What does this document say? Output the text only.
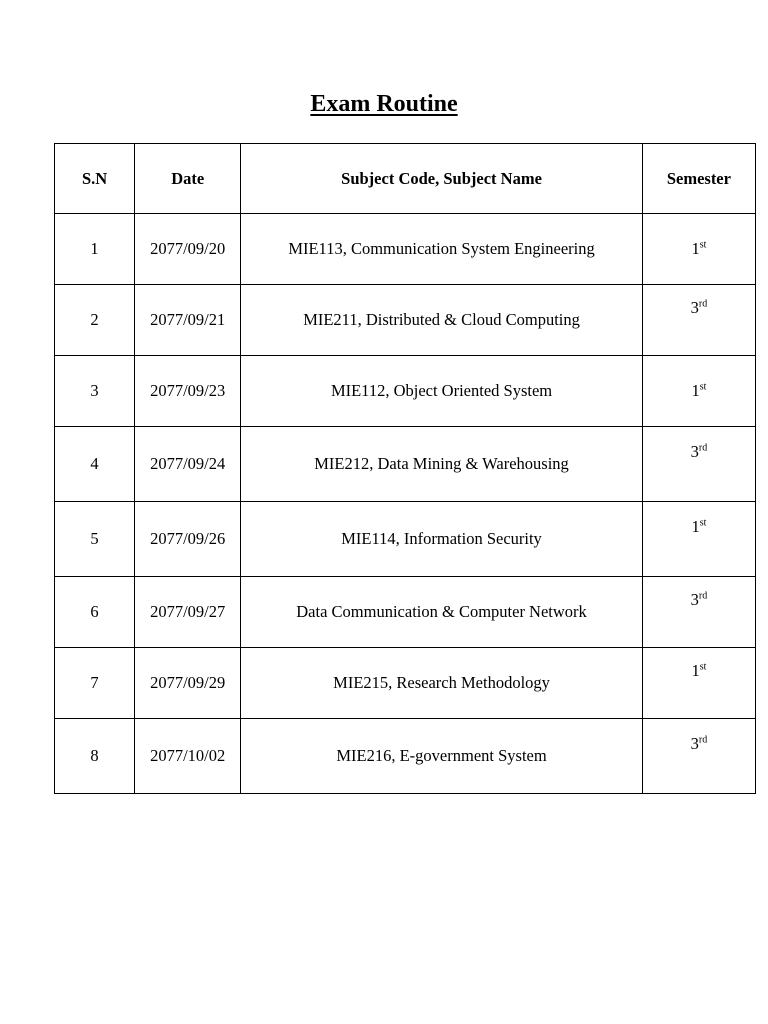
Exam Routine
S.N	Date	Subject Code, Subject Name	Semester
1	2077/09/20	MIE113, Communication System Engineering	1st
2	2077/09/21	MIE211, Distributed & Cloud Computing	3rd
3	2077/09/23	MIE112, Object Oriented System	1st
4	2077/09/24	MIE212, Data Mining & Warehousing	3rd
5	2077/09/26	MIE114, Information Security	1st
6	2077/09/27	Data Communication & Computer Network	3rd
7	2077/09/29	MIE215, Research Methodology	1st
8	2077/10/02	MIE216, E-government System	3rd
